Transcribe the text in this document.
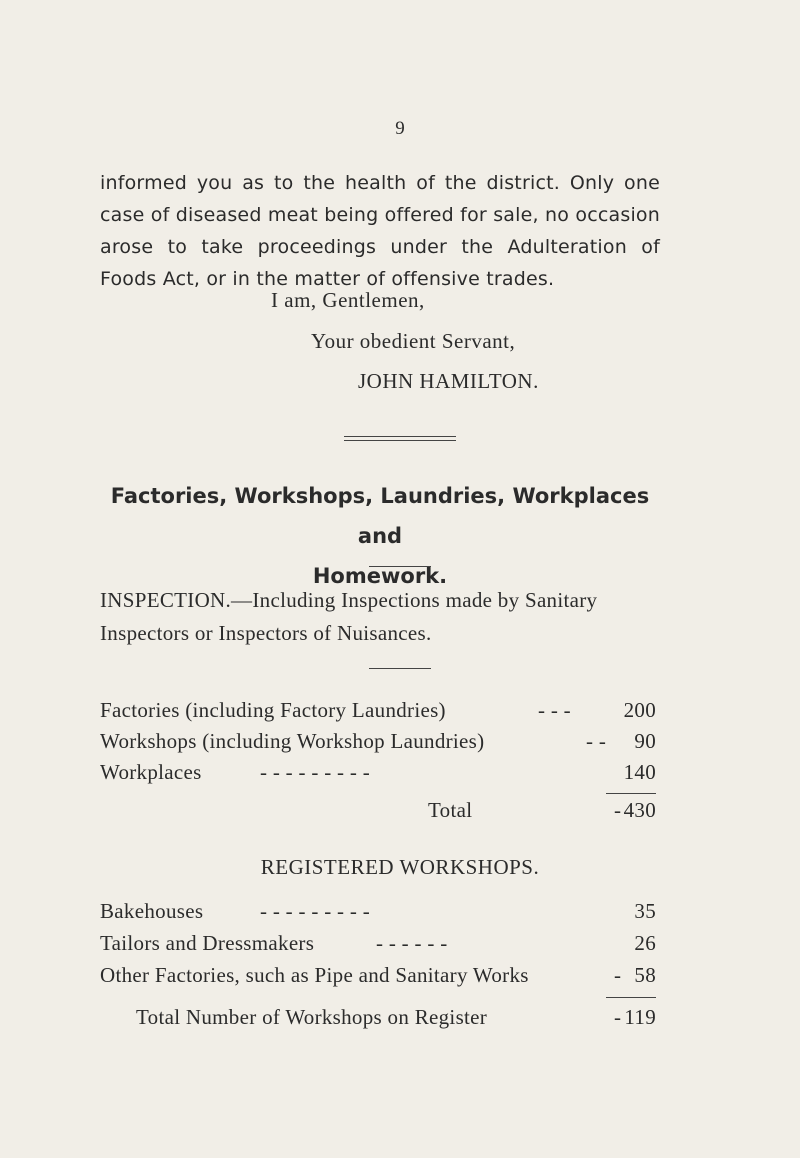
9
informed you as to the health of the district. Only one case of diseased meat being offered for sale, no occasion arose to take proceedings under the Adulteration of Foods Act, or in the matter of offensive trades.
I am, Gentlemen,
Your obedient Servant,
JOHN HAMILTON.
Factories, Workshops, Laundries, Workplaces and
Homework.
INSPECTION.—Including Inspections made by Sanitary Inspectors or Inspectors of Nuisances.
Factories (including Factory Laundries)	- - -	200
Workshops (including Workshop Laundries)	- - 90
Workplaces	- - - - - - - - -	140
Total	- 430
REGISTERED WORKSHOPS.
Bakehouses	- - - - - - - - -	35
Tailors and Dressmakers	- - - - - -	26
Other Factories, such as Pipe and Sanitary Works	- 58
Total Number of Workshops on Register	- 119
